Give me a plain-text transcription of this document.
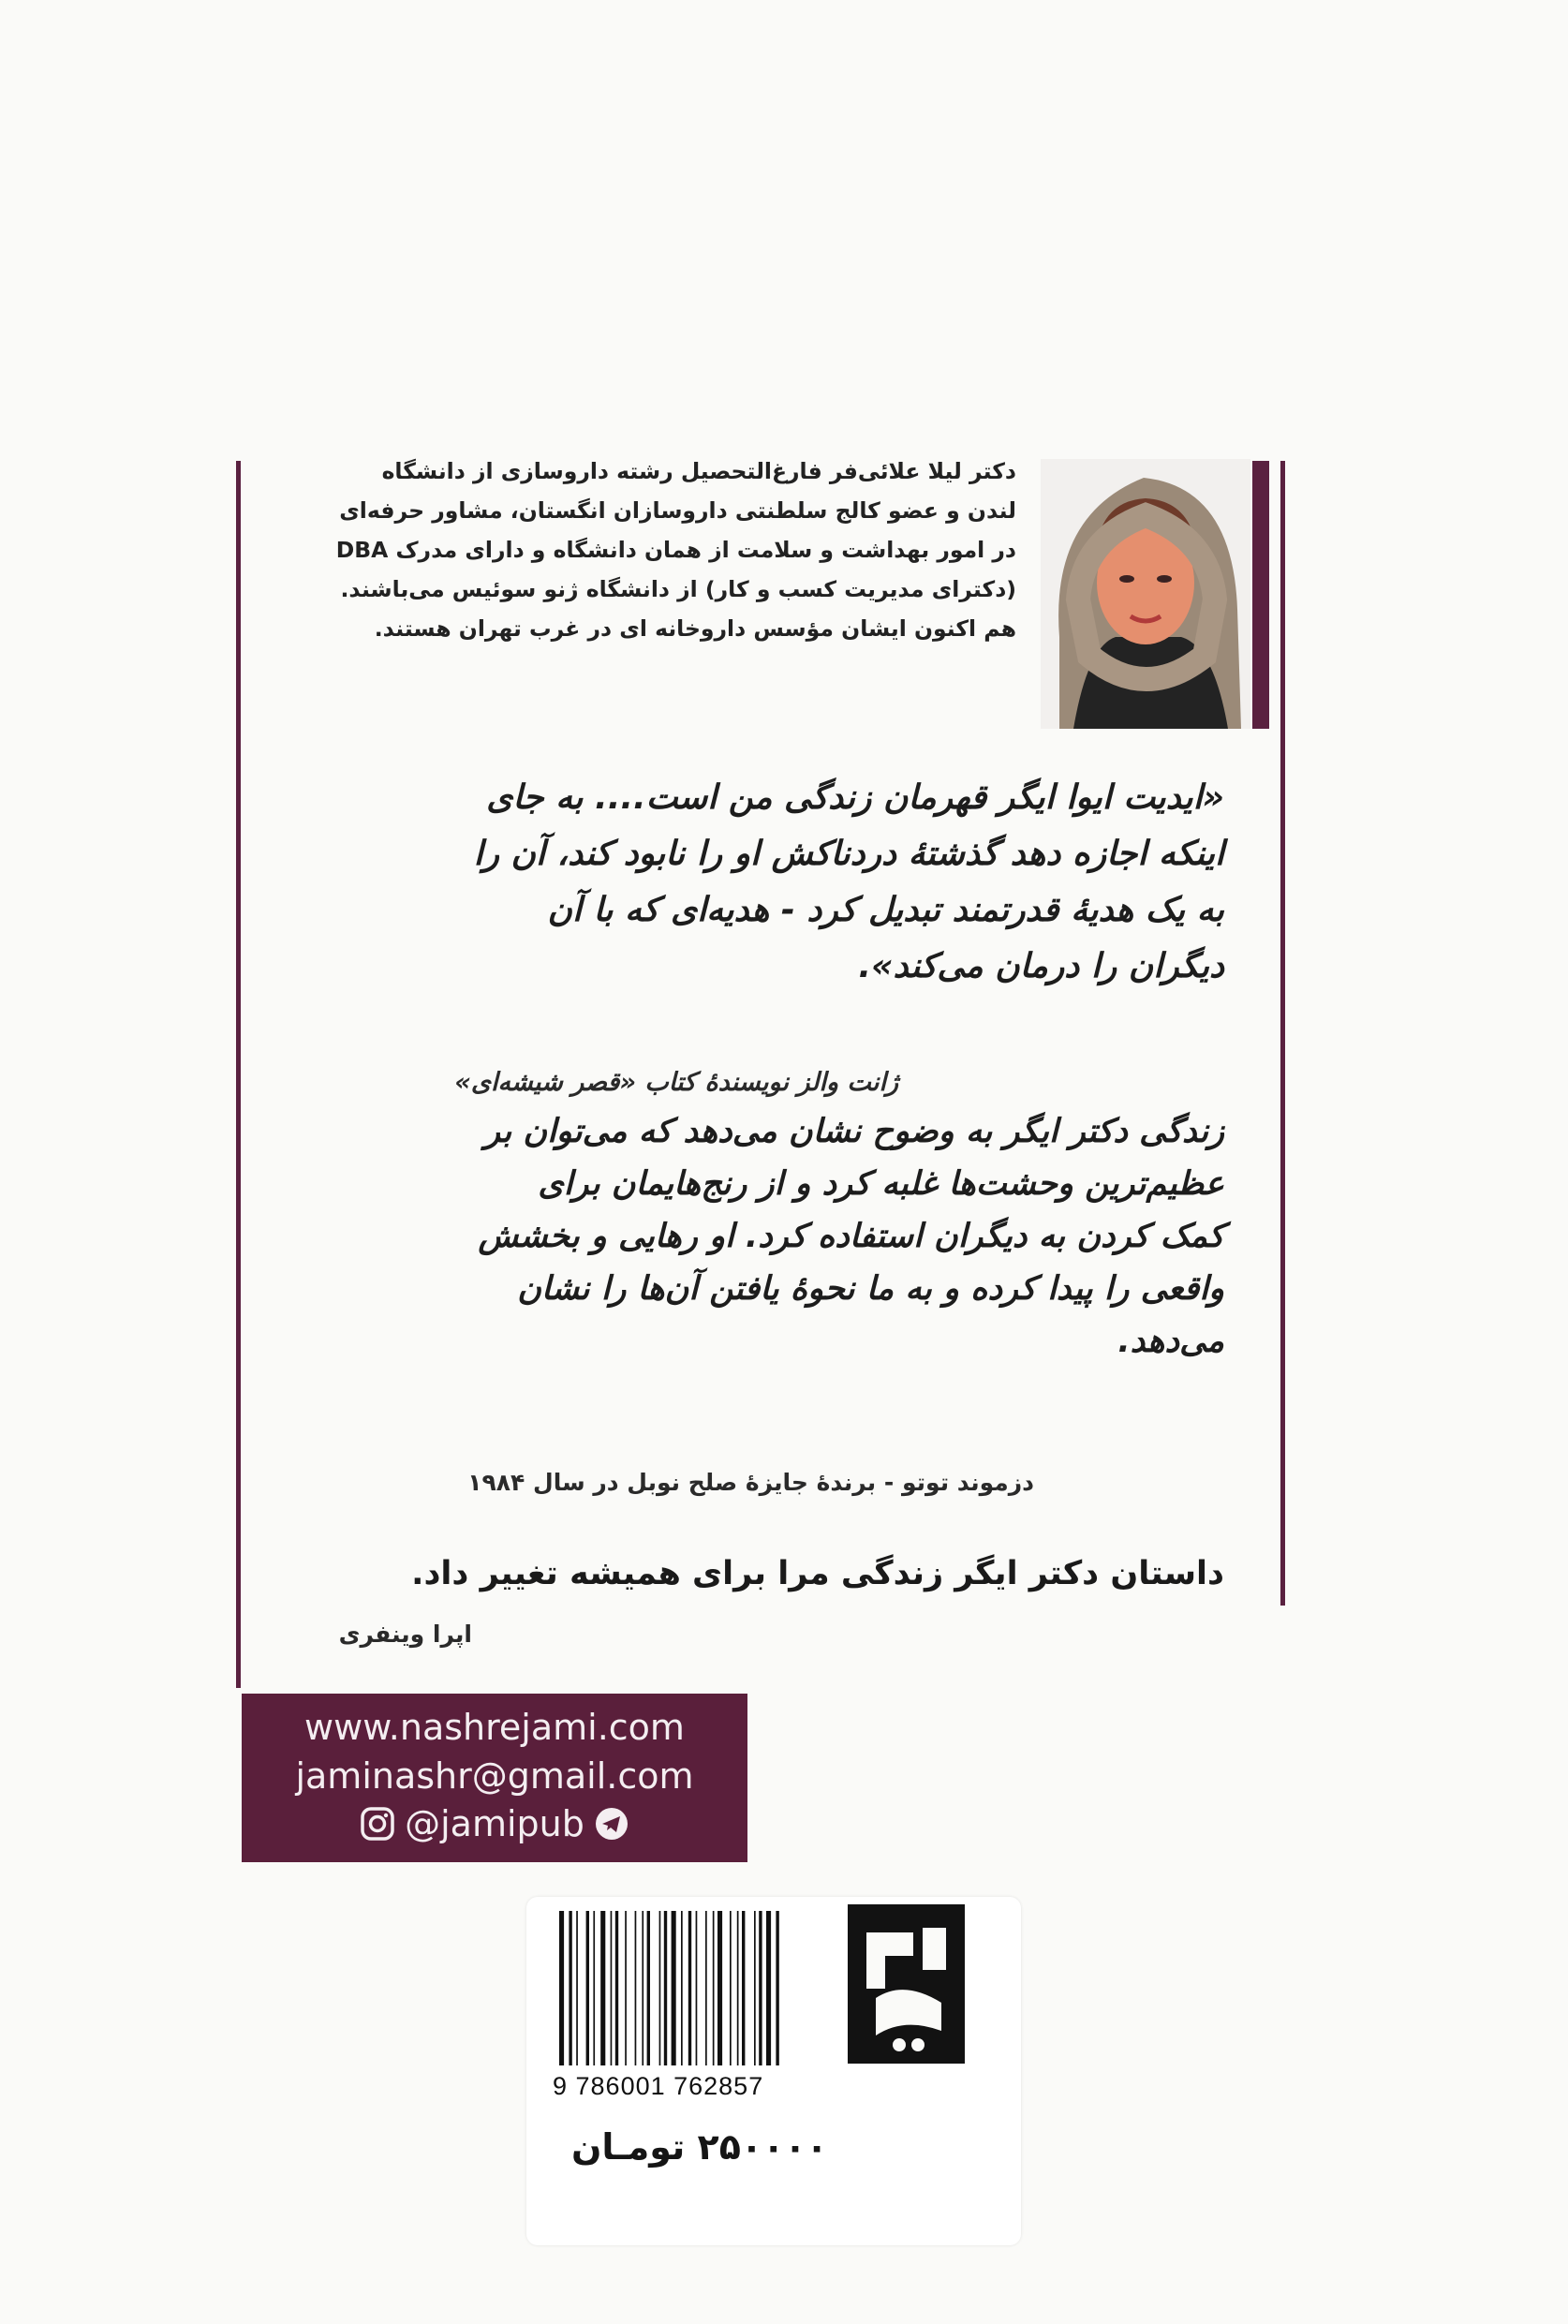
دکتر لیلا علائی‌فر فارغ‌التحصیل رشته داروسازی از دانشگاه
لندن و عضو کالج سلطنتی داروسازان انگستان، مشاور حرفه‌ای
در امور بهداشت و سلامت از همان دانشگاه و دارای مدرک DBA
(دکترای مدیریت کسب و کار) از دانشگاه ژنو سوئیس می‌باشند.
هم اکنون ایشان مؤسس داروخانه ای در غرب تهران هستند.
«ایدیت ایوا ایگر قهرمان زندگی من است.... به جای
اینکه اجازه دهد گذشتهٔ دردناکش او را نابود کند، آن را
به یک هدیهٔ قدرتمند تبدیل کرد - هدیه‌ای که با آن
دیگران را درمان می‌کند».
ژانت والز نویسندهٔ کتاب «قصر شیشه‌ای»
زندگی دکتر ایگر به وضوح نشان می‌دهد که می‌توان بر
عظیم‌ترین وحشت‌ها غلبه کرد و از رنج‌هایمان برای
کمک کردن به دیگران استفاده کرد. او رهایی و بخشش
واقعی را پیدا کرده و به ما نحوهٔ یافتن آن‌ها را نشان
می‌دهد.
دزموند توتو - برندهٔ جایزهٔ صلح نوبل در سال ۱۹۸۴
داستان دکتر ایگر زندگی مرا برای همیشه تغییر داد.
اپرا وینفری
www.nashrejami.com
jaminashr@gmail.com
@jamipub
9 786001 762857
۲۵۰۰۰۰ تومـان
